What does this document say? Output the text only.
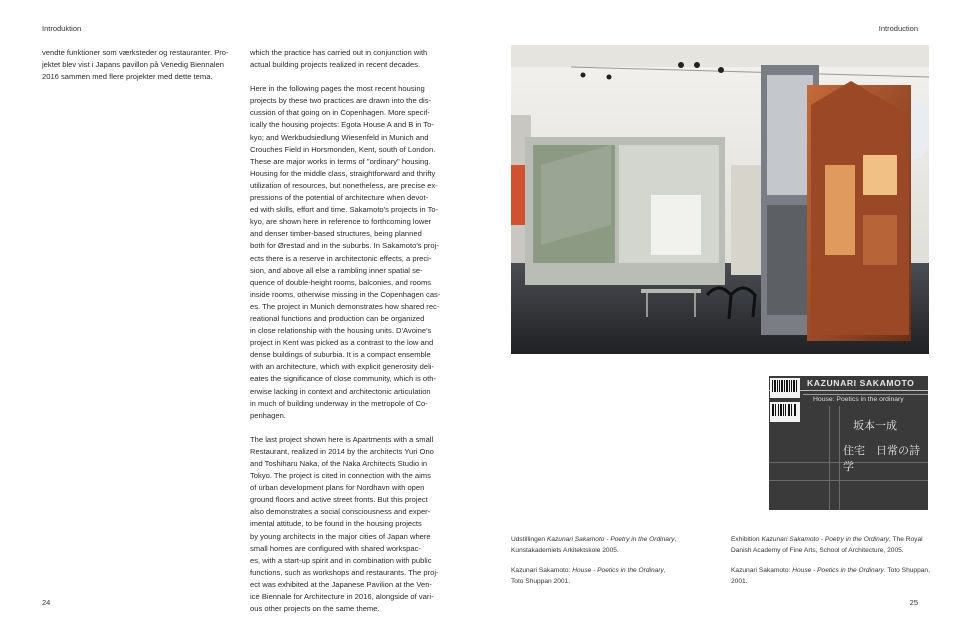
Introduktion

vendte funktioner som værksteder og restauranter. Pro-
jektet blev vist i Japans pavillon på Venedig Biennalen
2016 sammen med flere projekter med dette tema.

which the practice has carried out in conjunction with
actual building projects realized in recent decades.

Here in the following pages the most recent housing
projects by these two practices are drawn into the dis-
cussion of that going on in Copenhagen. More specif-
ically the housing projects: Egota House A and B in To-
kyo; and Werkbudsiedlung Wiesenfeld in Munich and
Crouches Field in Horsmonden, Kent, south of London.
These are major works in terms of "ordinary" housing.
Housing for the middle class, straightforward and thrifty
utilization of resources, but nonetheless, are precise ex-
pressions of the potential of architecture when devot-
ed with skills, effort and time. Sakamoto's projects in To-
kyo, are shown here in reference to forthcoming lower
and denser timber-based structures, being planned
both for Ørestad and in the suburbs. In Sakamoto's proj-
ects there is a reserve in architectonic effects, a preci-
sion, and above all else a rambling inner spatial se-
quence of double-height rooms, balconies, and rooms
inside rooms, otherwise missing in the Copenhagen cas-
es. The project in Munich demonstrates how shared rec-
reational functions and production can be organized
in close relationship with the housing units. D'Avoine's
project in Kent was picked as a contrast to the low and
dense buildings of suburbia. It is a compact ensemble
with an architecture, which with explicit generosity deli-
eates the significance of close community, which is oth-
erwise lacking in context and architectonic articulation
in much of building underway in the metropole of Co-
penhagen.

The last project shown here is Apartments with a small
Restaurant, realized in 2014 by the architects Yuri Ono
and Toshiharu Naka, of the Naka Architects Studio in
Tokyo. The project is cited in connection with the aims
of urban development plans for Nordhavn with open
ground floors and active street fronts. But this project
also demonstrates a social consciousness and exper-
imental attitude, to be found in the housing projects
by young architects in the major cities of Japan where
small homes are configured with shared workspac-
es, with a start-up spirit and in combination with public
functions, such as workshops and restaurants. The proj-
ect was exhibited at the Japanese Pavilion at the Ven-
ice Biennale for Architecture in 2016, alongside of vari-
ous other projects on the same theme.

24
Introduction

Udstillingen Kazunari Sakamoto - Poetry in the Ordinary,
Kunstakademiets Arkitektskole 2005.

Kazunari Sakamoto: House - Poetics in the Ordinary,
Toto Shuppan 2001.

KAZUNARI SAKAMOTO
House: Poetics in the ordinary
坂本一成
住宅　日常の詩学

Exhibition Kazunari Sakamoto - Poetry in the Ordinary, The Royal
Danish Academy of Fine Arts, School of Architecture, 2005.

Kazunari Sakamoto: House - Poetics in the Ordinary. Toto Shuppan,
2001.

25
